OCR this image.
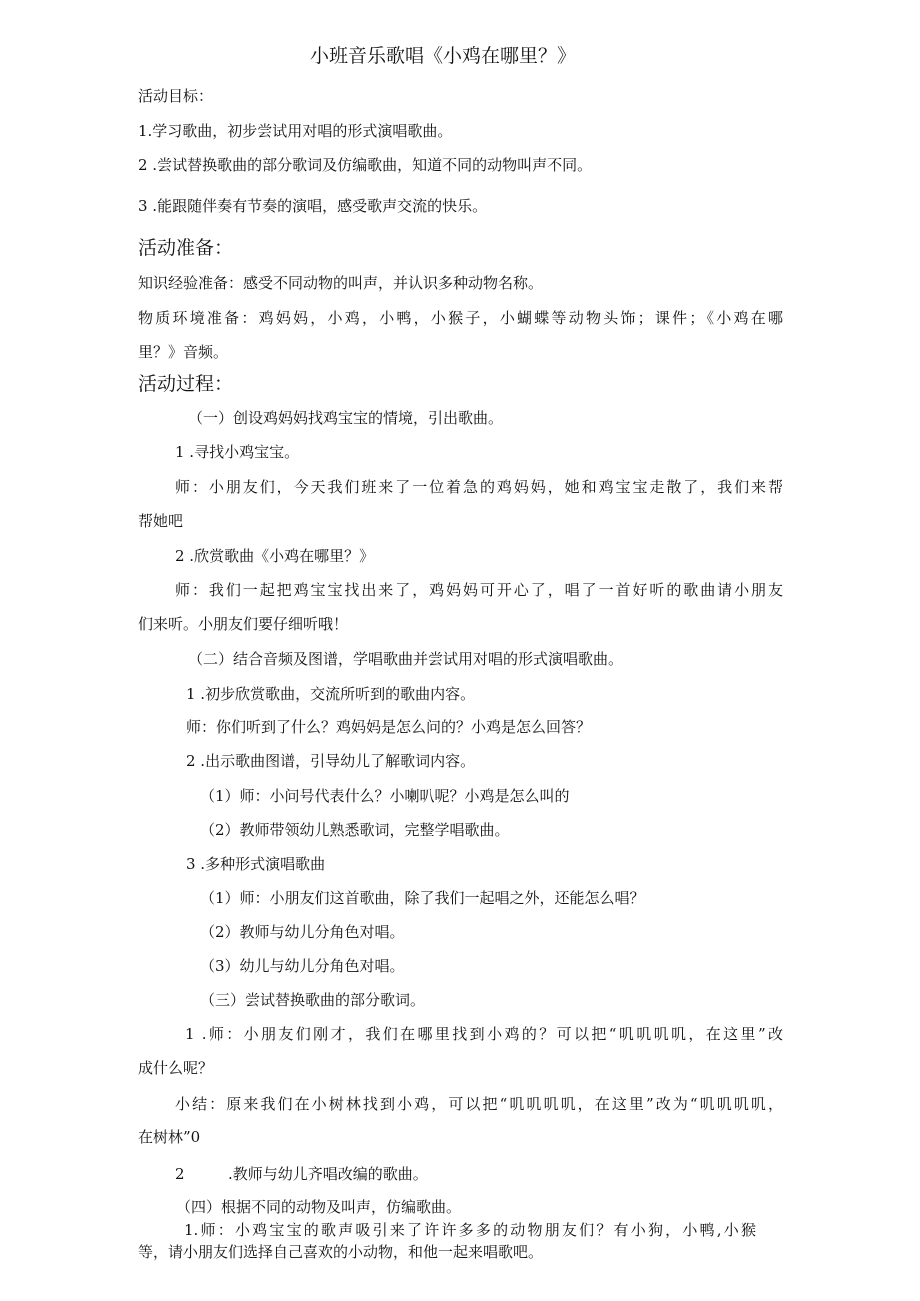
小班音乐歌唱《小鸡在哪里？》
活动目标：
1.学习歌曲，初步尝试用对唱的形式演唱歌曲。
2 .尝试替换歌曲的部分歌词及仿编歌曲，知道不同的动物叫声不同。
3 .能跟随伴奏有节奏的演唱，感受歌声交流的快乐。
活动准备：
知识经验准备：感受不同动物的叫声，并认识多种动物名称。
物质环境准备：鸡妈妈，小鸡，小鸭，小猴子，小蝴蝶等动物头饰；课件；《小鸡在哪
里？》音频。
活动过程：
（一）创设鸡妈妈找鸡宝宝的情境，引出歌曲。
1 .寻找小鸡宝宝。
师：小朋友们，今天我们班来了一位着急的鸡妈妈，她和鸡宝宝走散了，我们来帮
帮她吧
2 .欣赏歌曲《小鸡在哪里？》
师：我们一起把鸡宝宝找出来了，鸡妈妈可开心了，唱了一首好听的歌曲请小朋友
们来听。小朋友们要仔细听哦！
（二）结合音频及图谱，学唱歌曲并尝试用对唱的形式演唱歌曲。
1 .初步欣赏歌曲，交流所听到的歌曲内容。
师：你们听到了什么？鸡妈妈是怎么问的？小鸡是怎么回答？
2 .出示歌曲图谱，引导幼儿了解歌词内容。
（1）师：小问号代表什么？小喇叭呢？小鸡是怎么叫的
（2）教师带领幼儿熟悉歌词，完整学唱歌曲。
3 .多种形式演唱歌曲
（1）师：小朋友们这首歌曲，除了我们一起唱之外，还能怎么唱？
（2）教师与幼儿分角色对唱。
（3）幼儿与幼儿分角色对唱。
（三）尝试替换歌曲的部分歌词。
1 .师：小朋友们刚才，我们在哪里找到小鸡的？可以把“叽叽叽叽，在这里”改
成什么呢？
小结：原来我们在小树林找到小鸡，可以把“叽叽叽叽，在这里”改为“叽叽叽叽，
在树林”0
2	.教师与幼儿齐唱改编的歌曲。
（四）根据不同的动物及叫声，仿编歌曲。
1.师：小鸡宝宝的歌声吸引来了许许多多的动物朋友们？有小狗，小鸭,小猴
等，请小朋友们选择自己喜欢的小动物，和他一起来唱歌吧。
